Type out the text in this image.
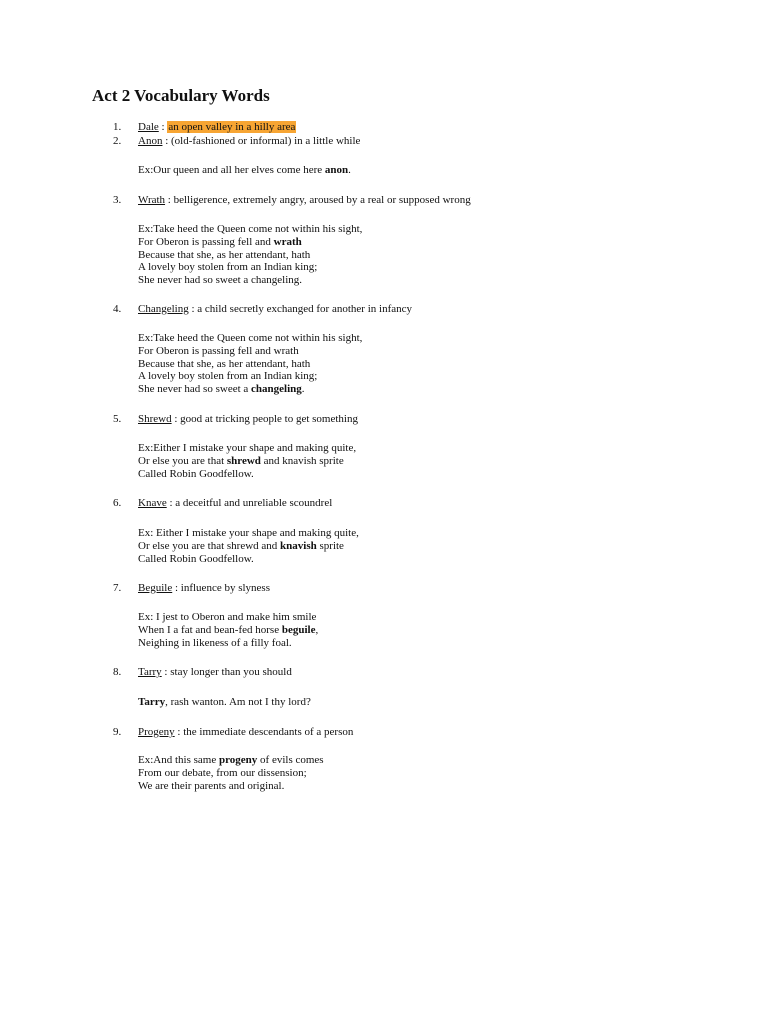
Act 2 Vocabulary Words
1. Dale : an open valley in a hilly area
2. Anon : (old-fashioned or informal) in a little while
Ex:Our queen and all her elves come here anon.
3. Wrath : belligerence, extremely angry, aroused by a real or supposed wrong
Ex:Take heed the Queen come not within his sight,
For Oberon is passing fell and wrath
Because that she, as her attendant, hath
A lovely boy stolen from an Indian king;
She never had so sweet a changeling.
4. Changeling : a child secretly exchanged for another in infancy
Ex:Take heed the Queen come not within his sight,
For Oberon is passing fell and wrath
Because that she, as her attendant, hath
A lovely boy stolen from an Indian king;
She never had so sweet a changeling.
5. Shrewd : good at tricking people to get something
Ex:Either I mistake your shape and making quite,
Or else you are that shrewd and knavish sprite
Called Robin Goodfellow.
6. Knave : a deceitful and unreliable scoundrel
Ex: Either I mistake your shape and making quite,
Or else you are that shrewd and knavish sprite
Called Robin Goodfellow.
7. Beguile : influence by slyness
Ex: I jest to Oberon and make him smile
When I a fat and bean-fed horse beguile,
Neighing in likeness of a filly foal.
8. Tarry : stay longer than you should
Tarry, rash wanton. Am not I thy lord?
9. Progeny : the immediate descendants of a person
Ex:And this same progeny of evils comes
From our debate, from our dissension;
We are their parents and original.
